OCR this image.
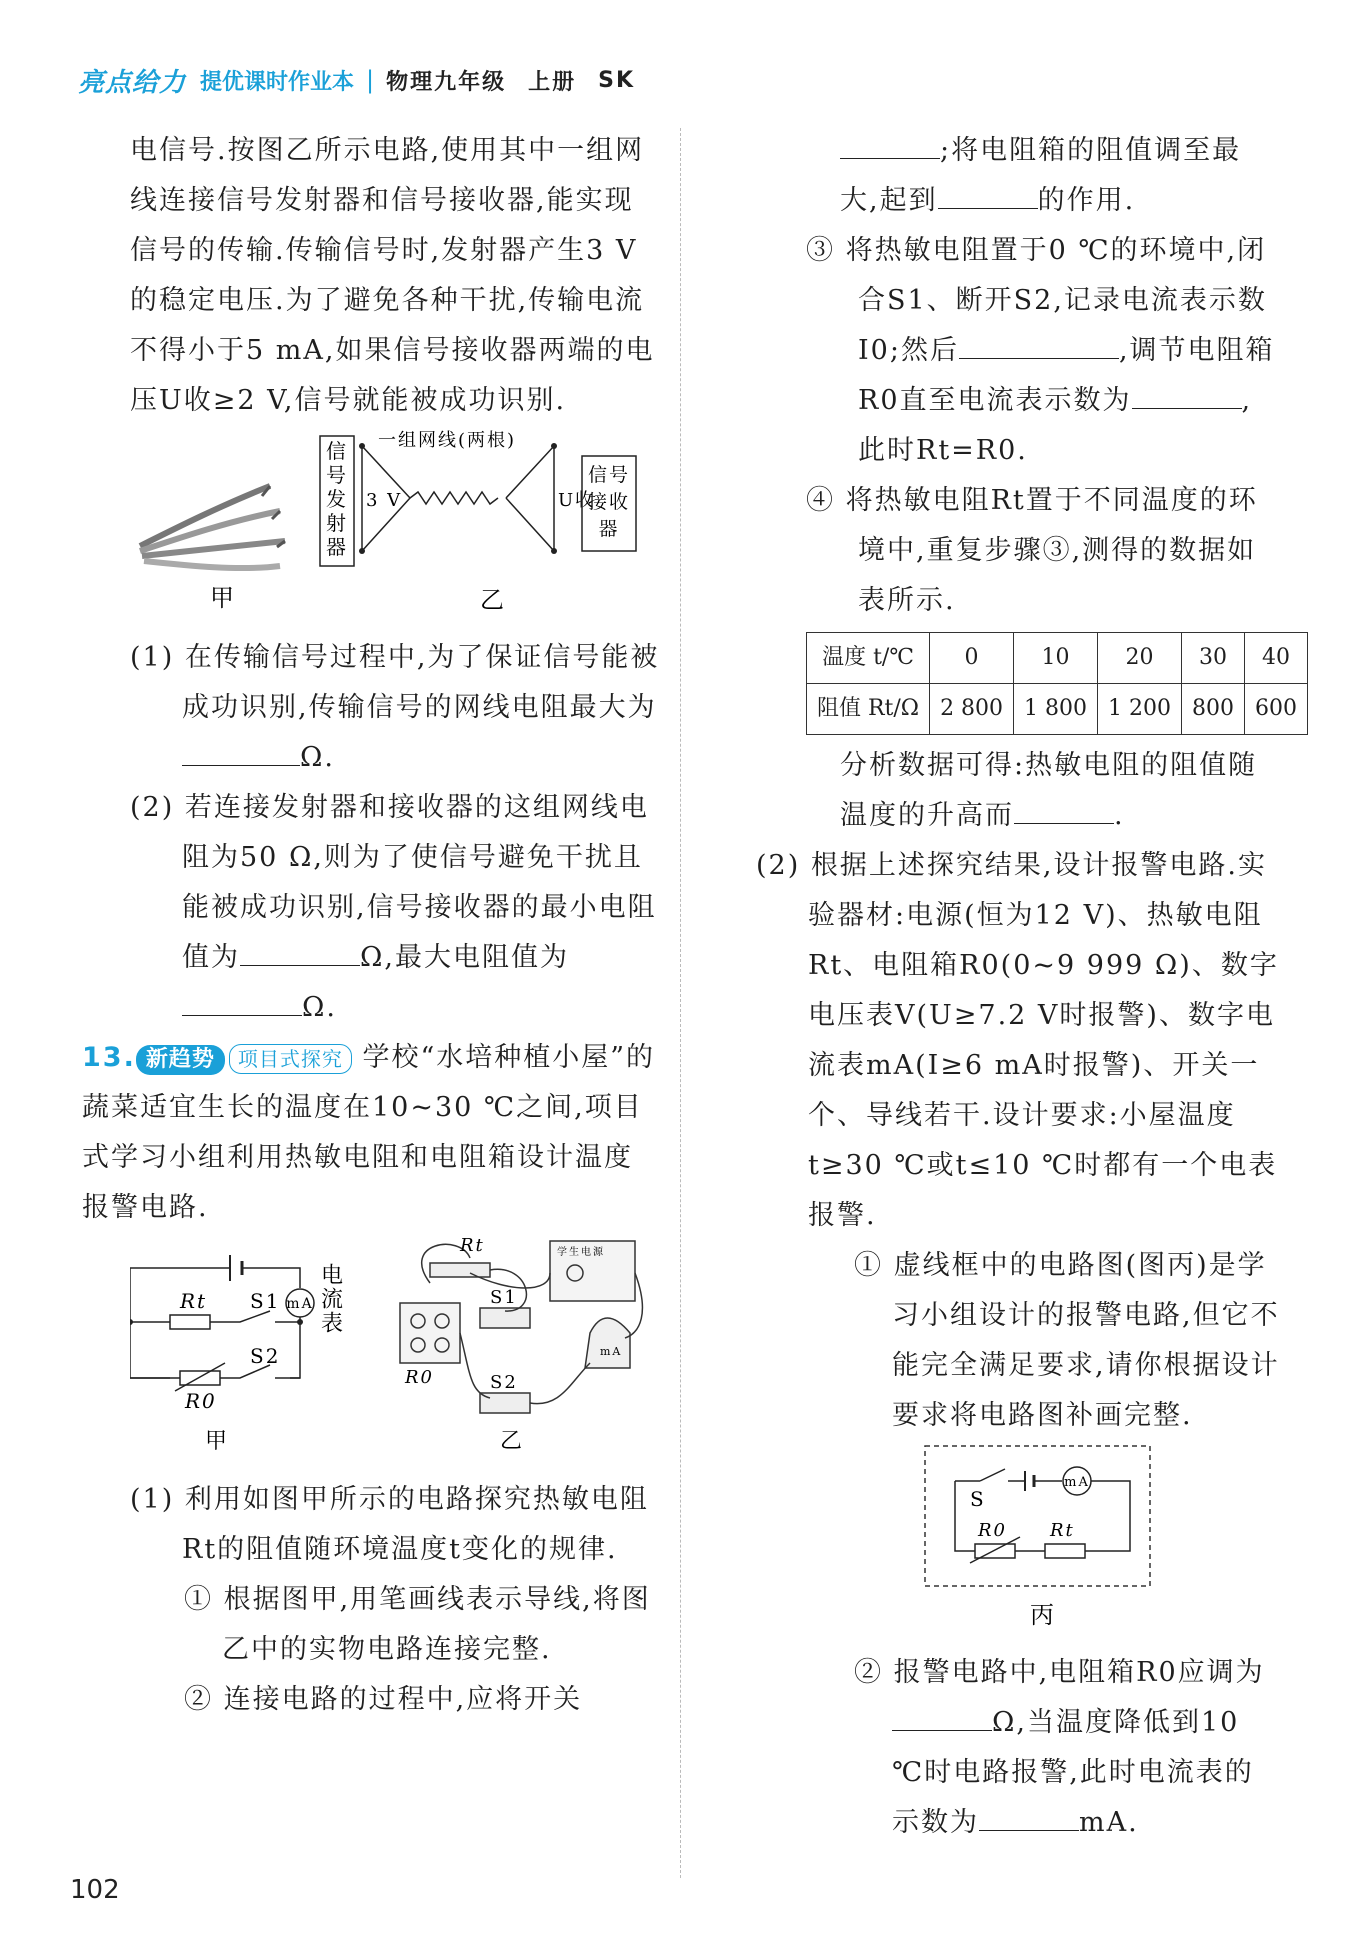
亮点给力 提优课时作业本 | 物理九年级 上册 SK

电信号.按图乙所示电路,使用其中一组网线连接信号发射器和信号接收器,能实现信号的传输.传输信号时,发射器产生3 V的稳定电压.为了避免各种干扰,传输电流不得小于5 mA,如果信号接收器两端的电压U收≥2 V,信号就能被成功识别.

甲
信
号
发
射
器
3 V
一组网线(两根)
U收
信号
接收
器
乙

(1) 在传输信号过程中,为了保证信号能被成功识别,传输信号的网线电阻最大为Ω.

(2) 若连接发射器和接收器的这组网线电阻为50 Ω,则为了使信号避免干扰且能被成功识别,信号接收器的最小电阻值为	Ω,最大电阻值为Ω.

13. 新趋势 项目式探究 学校“水培种植小屋”的蔬菜适宜生长的温度在10~30 ℃之间,项目式学习小组利用热敏电阻和电阻箱设计温度报警电路.

mA
Rt S1
S2
R0
电流表
甲
Rt	学生电源
S1
S2
R0
mA
乙

(1) 利用如图甲所示的电路探究热敏电阻Rt的阻值随环境温度t变化的规律.

① 根据图甲,用笔画线表示导线,将图乙中的实物电路连接完整.

② 连接电路的过程中,应将开关

;将电阻箱的阻值调至最大,起到	的作用.

③ 将热敏电阻置于0 ℃的环境中,闭合S1、断开S2,记录电流表示数I0;然后	,调节电阻箱R0直至电流表示数为	,此时Rt=R0.

④ 将热敏电阻Rt置于不同温度的环境中,重复步骤③,测得的数据如表所示.

温度 t/℃	0	10	20	30	40
阻值 Rt/Ω	2 800	1 800	1 200	800	600

分析数据可得:热敏电阻的阻值随温度的升高而	.

(2) 根据上述探究结果,设计报警电路.实验器材:电源(恒为12 V)、热敏电阻Rt、电阻箱R0(0~9 999 Ω)、数字电压表V(U≥7.2 V时报警)、数字电流表mA(I≥6 mA时报警)、开关一个、导线若干.设计要求:小屋温度t≥30 ℃或t≤10 ℃时都有一个电表报警.

① 虚线框中的电路图(图丙)是学习小组设计的报警电路,但它不能完全满足要求,请你根据设计要求将电路图补画完整.

mA
S
R0 Rt
丙

② 报警电路中,电阻箱R0应调为Ω,当温度降低到10 ℃时电路报警,此时电流表的示数为	mA.

102
